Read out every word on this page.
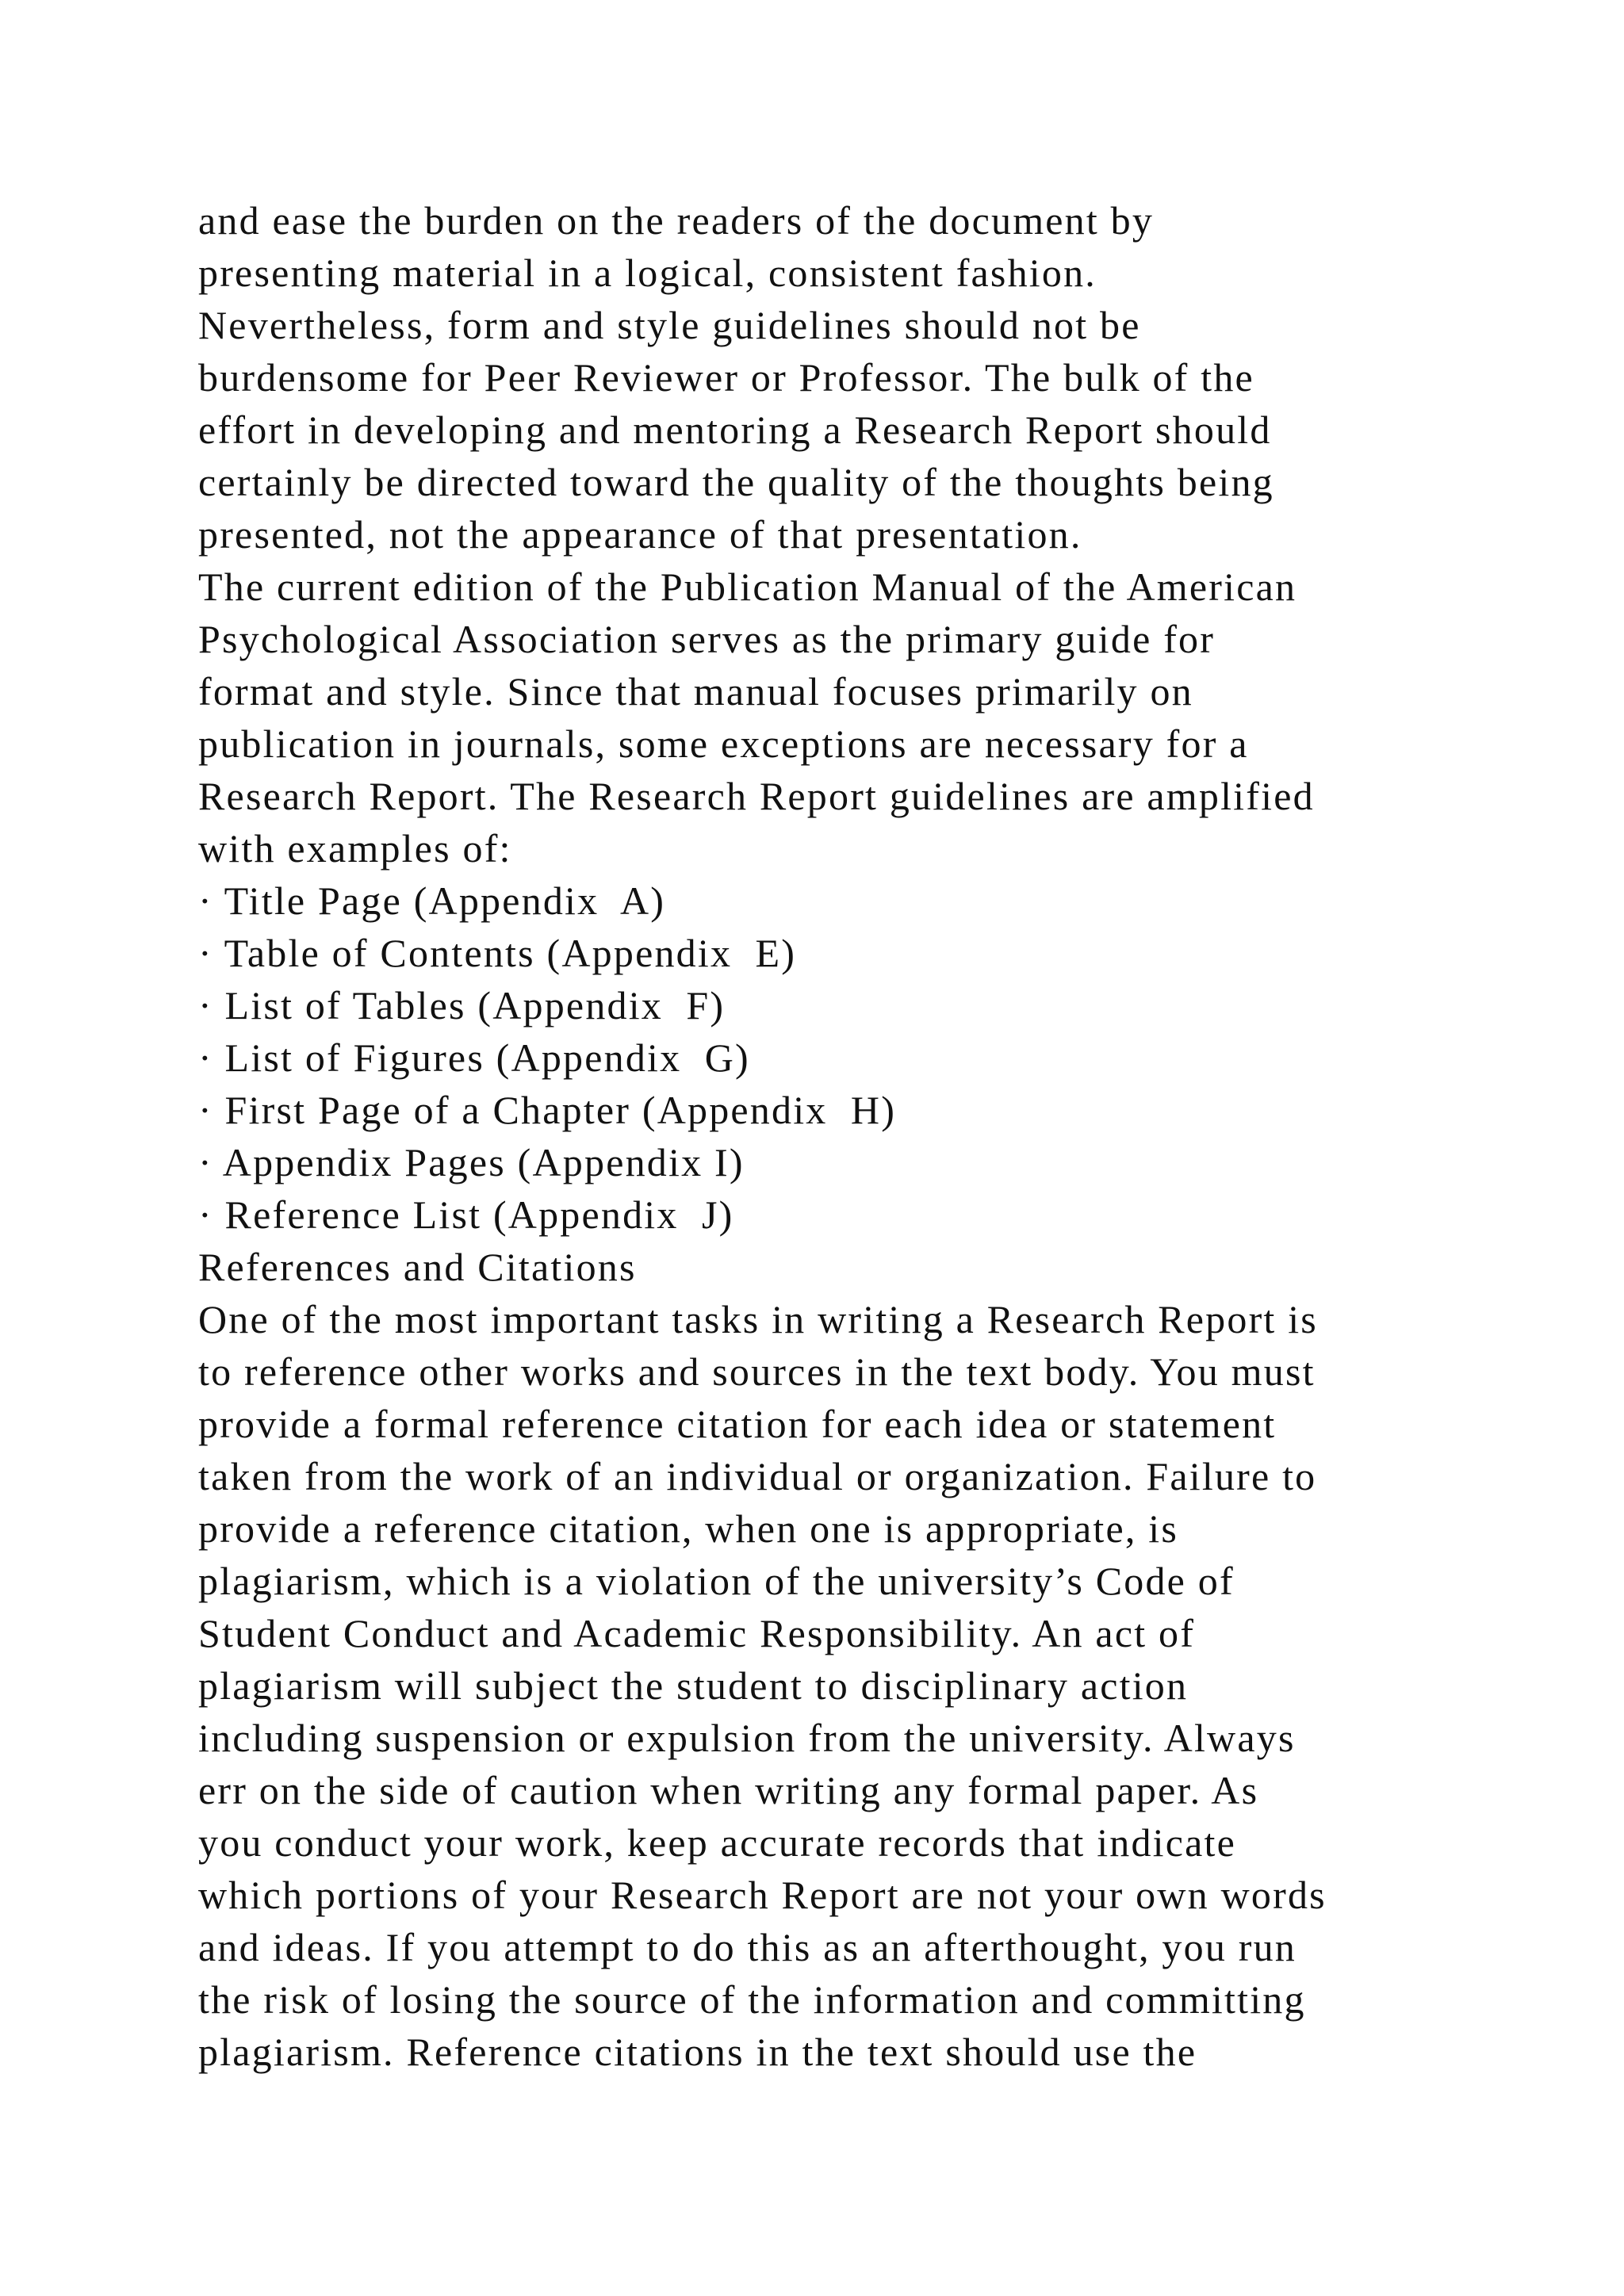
and ease the burden on the readers of the document by
presenting material in a logical, consistent fashion.
Nevertheless, form and style guidelines should not be
burdensome for Peer Reviewer or Professor. The bulk of the
effort in developing and mentoring a Research Report should
certainly be directed toward the quality of the thoughts being
presented, not the appearance of that presentation.
The current edition of the Publication Manual of the American
Psychological Association serves as the primary guide for
format and style. Since that manual focuses primarily on
publication in journals, some exceptions are necessary for a
Research Report. The Research Report guidelines are amplified
with examples of:
· Title Page (Appendix  A)
· Table of Contents (Appendix  E)
· List of Tables (Appendix  F)
· List of Figures (Appendix  G)
· First Page of a Chapter (Appendix  H)
· Appendix Pages (Appendix I)
· Reference List (Appendix  J)
References and Citations
One of the most important tasks in writing a Research Report is
to reference other works and sources in the text body. You must
provide a formal reference citation for each idea or statement
taken from the work of an individual or organization. Failure to
provide a reference citation, when one is appropriate, is
plagiarism, which is a violation of the university’s Code of
Student Conduct and Academic Responsibility. An act of
plagiarism will subject the student to disciplinary action
including suspension or expulsion from the university. Always
err on the side of caution when writing any formal paper. As
you conduct your work, keep accurate records that indicate
which portions of your Research Report are not your own words
and ideas. If you attempt to do this as an afterthought, you run
the risk of losing the source of the information and committing
plagiarism. Reference citations in the text should use the
